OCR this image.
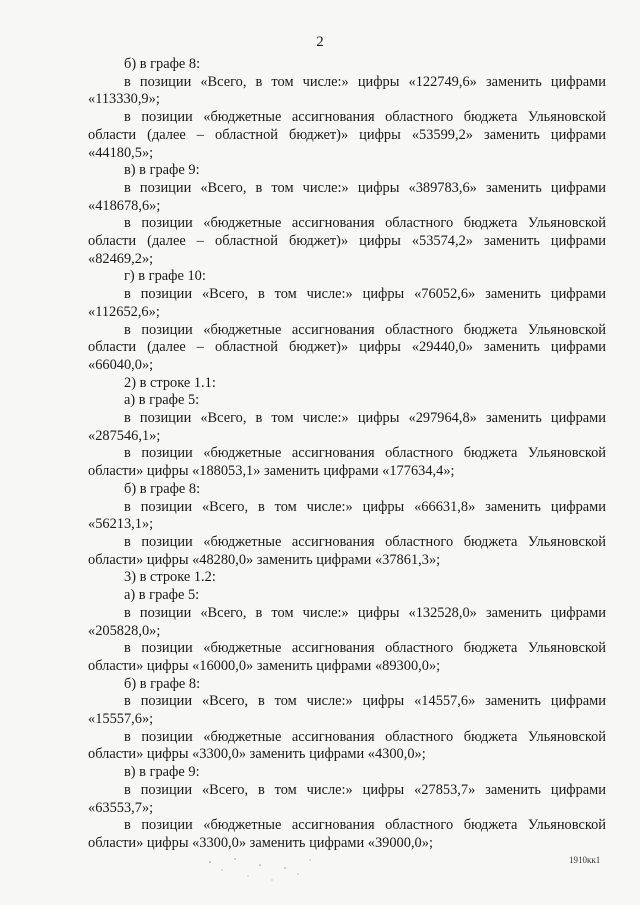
2
б) в графе 8:
в позиции «Всего, в том числе:» цифры «122749,6» заменить цифрами
«113330,9»;
в позиции «бюджетные ассигнования областного бюджета Ульяновской
области (далее – областной бюджет)» цифры «53599,2» заменить цифрами
«44180,5»;
в) в графе 9:
в позиции «Всего, в том числе:» цифры «389783,6» заменить цифрами
«418678,6»;
в позиции «бюджетные ассигнования областного бюджета Ульяновской
области (далее – областной бюджет)» цифры «53574,2» заменить цифрами
«82469,2»;
г) в графе 10:
в позиции «Всего, в том числе:» цифры «76052,6» заменить цифрами
«112652,6»;
в позиции «бюджетные ассигнования областного бюджета Ульяновской
области (далее – областной бюджет)» цифры «29440,0» заменить цифрами
«66040,0»;
2) в строке 1.1:
а) в графе 5:
в позиции «Всего, в том числе:» цифры «297964,8» заменить цифрами
«287546,1»;
в позиции «бюджетные ассигнования областного бюджета Ульяновской
области» цифры «188053,1» заменить цифрами «177634,4»;
б) в графе 8:
в позиции «Всего, в том числе:» цифры «66631,8» заменить цифрами
«56213,1»;
в позиции «бюджетные ассигнования областного бюджета Ульяновской
области» цифры «48280,0» заменить цифрами «37861,3»;
3) в строке 1.2:
а) в графе 5:
в позиции «Всего, в том числе:» цифры «132528,0» заменить цифрами
«205828,0»;
в позиции «бюджетные ассигнования областного бюджета Ульяновской
области» цифры «16000,0» заменить цифрами «89300,0»;
б) в графе 8:
в позиции «Всего, в том числе:» цифры «14557,6» заменить цифрами
«15557,6»;
в позиции «бюджетные ассигнования областного бюджета Ульяновской
области» цифры «3300,0» заменить цифрами «4300,0»;
в) в графе 9:
в позиции «Всего, в том числе:» цифры «27853,7» заменить цифрами
«63553,7»;
в позиции «бюджетные ассигнования областного бюджета Ульяновской
области» цифры «3300,0» заменить цифрами «39000,0»;
1910кк1
